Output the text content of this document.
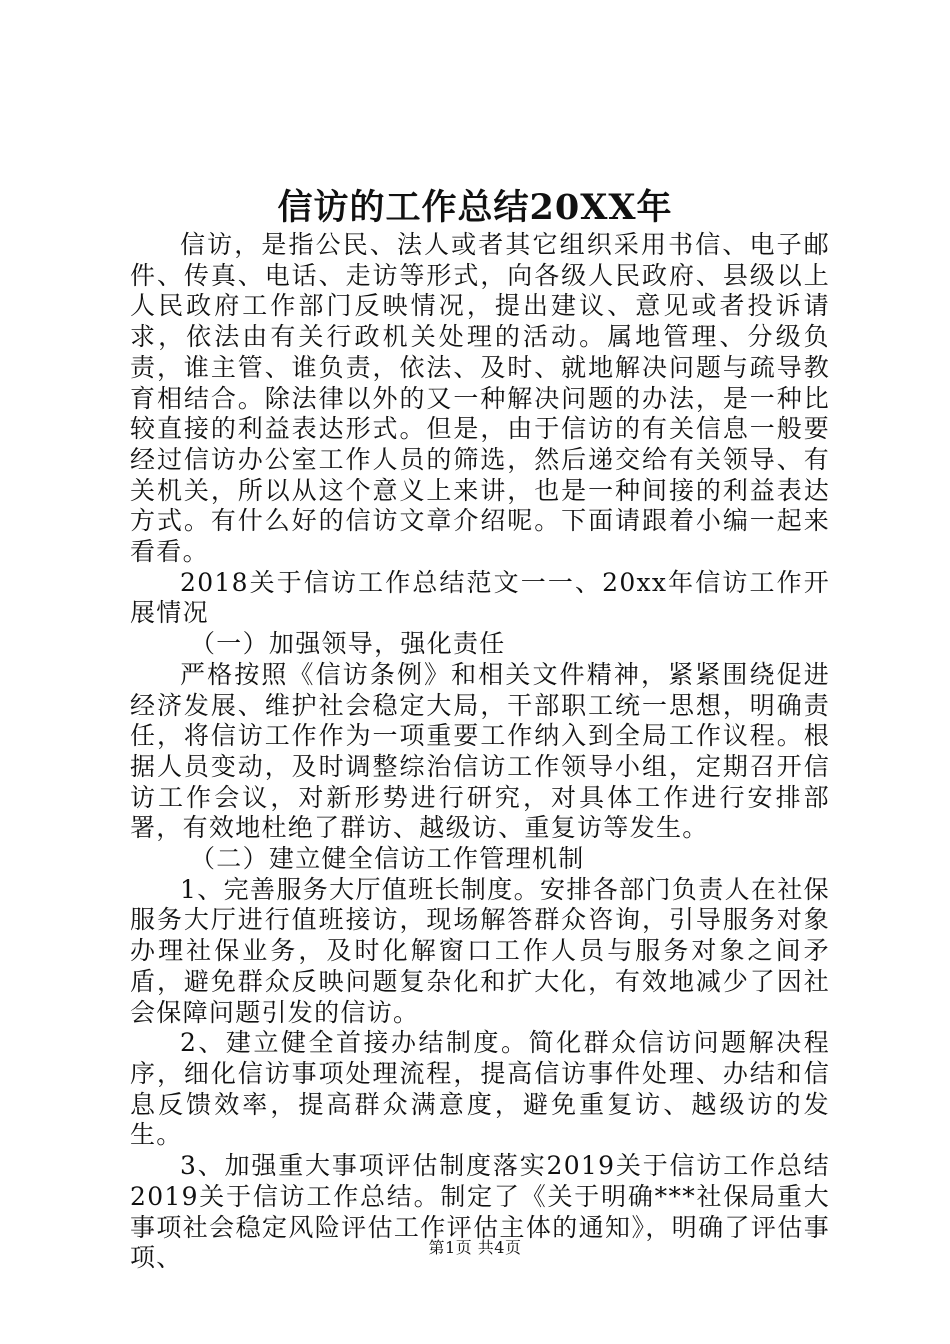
信访的工作总结20XX年

信访，是指公民、法人或者其它组织采用书信、电子邮件、传真、电话、走访等形式，向各级人民政府、县级以上人民政府工作部门反映情况，提出建议、意见或者投诉请求，依法由有关行政机关处理的活动。属地管理、分级负责，谁主管、谁负责，依法、及时、就地解决问题与疏导教育相结合。除法律以外的又一种解决问题的办法，是一种比较直接的利益表达形式。但是，由于信访的有关信息一般要经过信访办公室工作人员的筛选，然后递交给有关领导、有关机关，所以从这个意义上来讲，也是一种间接的利益表达方式。有什么好的信访文章介绍呢。下面请跟着小编一起来看看。

2018关于信访工作总结范文一一、20xx年信访工作开展情况

（一）加强领导，强化责任

严格按照《信访条例》和相关文件精神，紧紧围绕促进经济发展、维护社会稳定大局，干部职工统一思想，明确责任，将信访工作作为一项重要工作纳入到全局工作议程。根据人员变动，及时调整综治信访工作领导小组，定期召开信访工作会议，对新形势进行研究，对具体工作进行安排部署，有效地杜绝了群访、越级访、重复访等发生。

（二）建立健全信访工作管理机制

1、完善服务大厅值班长制度。安排各部门负责人在社保服务大厅进行值班接访，现场解答群众咨询，引导服务对象办理社保业务，及时化解窗口工作人员与服务对象之间矛盾，避免群众反映问题复杂化和扩大化，有效地减少了因社会保障问题引发的信访。

2、建立健全首接办结制度。简化群众信访问题解决程序，细化信访事项处理流程，提高信访事件处理、办结和信息反馈效率，提高群众满意度，避免重复访、越级访的发生。

3、加强重大事项评估制度落实2019关于信访工作总结2019关于信访工作总结。制定了《关于明确***社保局重大事项社会稳定风险评估工作评估主体的通知》，明确了评估事项、	第1页 共4页
